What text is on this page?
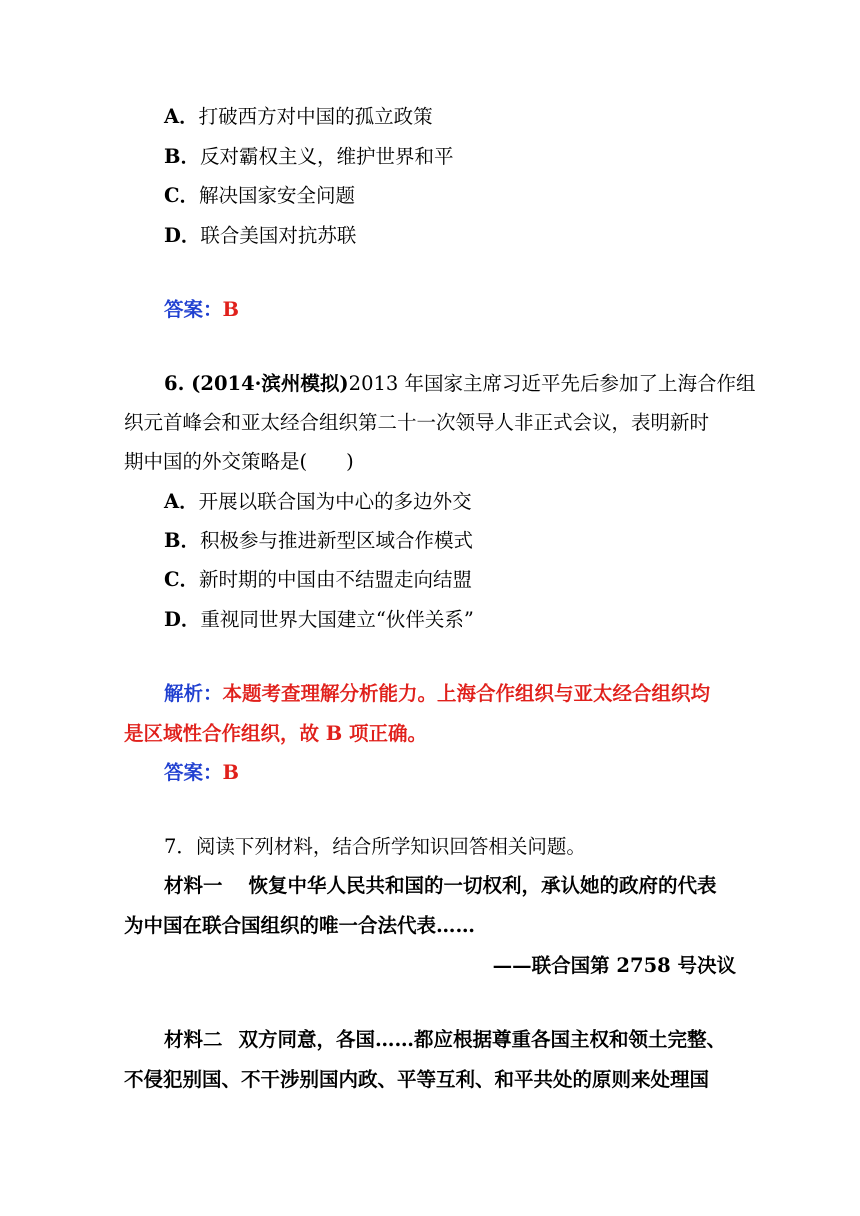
A．打破西方对中国的孤立政策
B．反对霸权主义，维护世界和平
C．解决国家安全问题
D．联合美国对抗苏联
答案：B
6. (2014·滨州模拟)2013 年国家主席习近平先后参加了上海合作组
织元首峰会和亚太经合组织第二十一次领导人非正式会议，表明新时
期中国的外交策略是(　　)
A．开展以联合国为中心的多边外交
B．积极参与推进新型区域合作模式
C．新时期的中国由不结盟走向结盟
D．重视同世界大国建立“伙伴关系”
解析：本题考查理解分析能力。上海合作组织与亚太经合组织均
是区域性合作组织，故 B 项正确。
答案：B
7．阅读下列材料，结合所学知识回答相关问题。
材料一 恢复中华人民共和国的一切权利，承认她的政府的代表
为中国在联合国组织的唯一合法代表……
——联合国第 2758 号决议
材料二 双方同意，各国……都应根据尊重各国主权和领土完整、
不侵犯别国、不干涉别国内政、平等互利、和平共处的原则来处理国
